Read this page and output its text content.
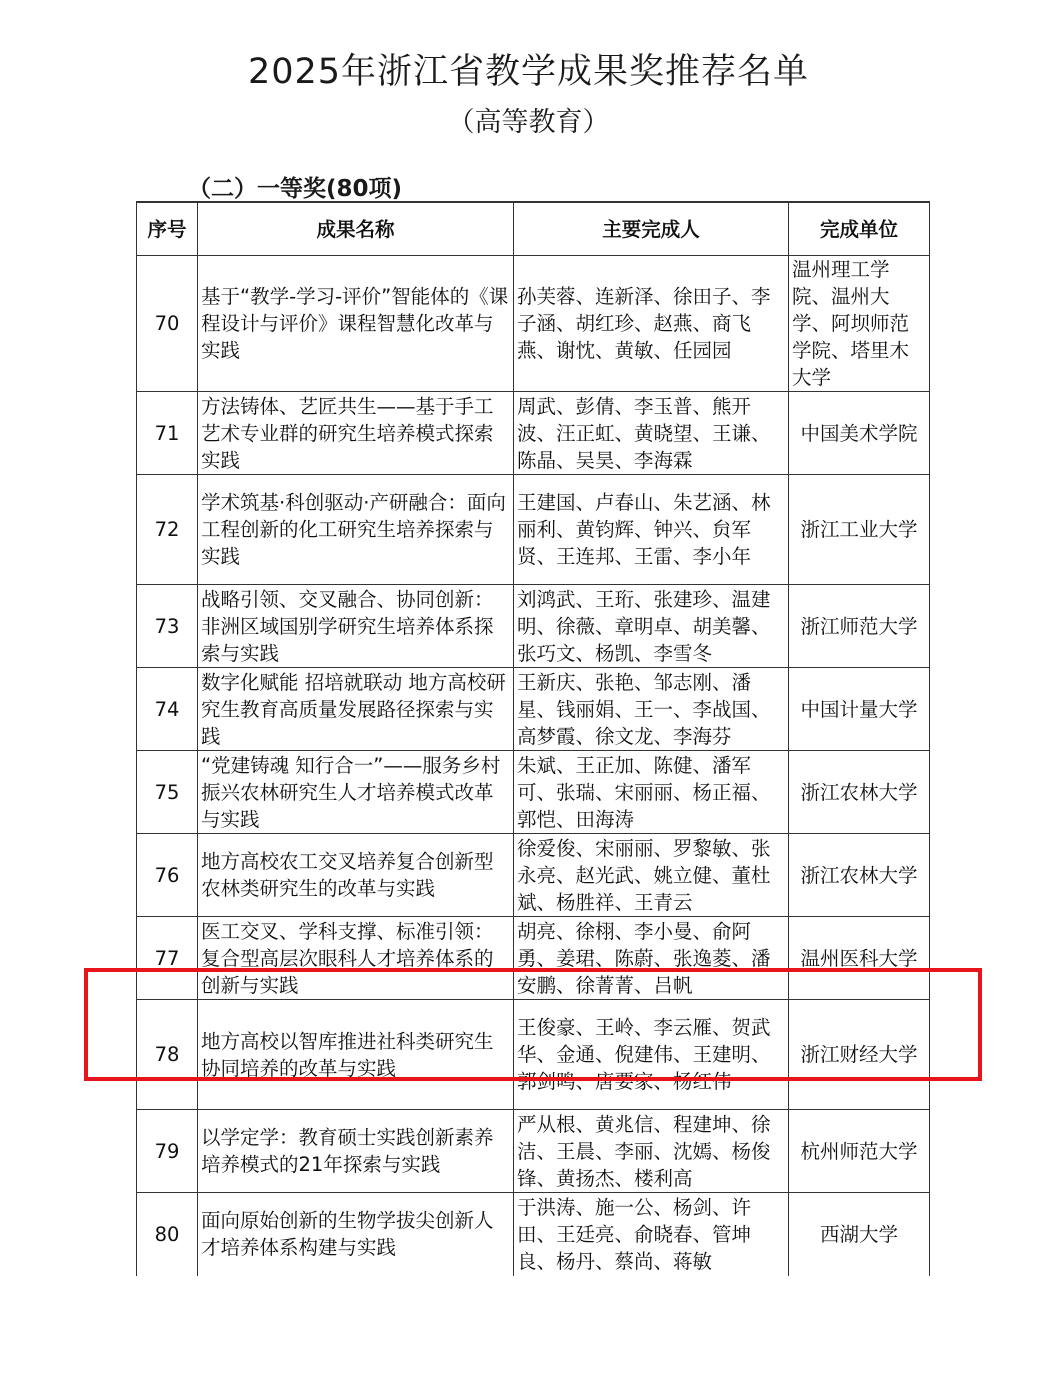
2025年浙江省教学成果奖推荐名单
（高等教育）
（二）一等奖(80项)
序号	成果名称	主要完成人	完成单位
70	基于“教学-学习-评价”智能体的《课程设计与评价》课程智慧化改革与实践	孙芙蓉、连新泽、徐田子、李子涵、胡红珍、赵燕、商飞燕、谢忱、黄敏、任园园	温州理工学院、温州大学、阿坝师范学院、塔里木大学
71	方法铸体、艺匠共生——基于手工艺术专业群的研究生培养模式探索实践	周武、彭倩、李玉普、熊开波、汪正虹、黄晓望、王谦、陈晶、吴昊、李海霖	中国美术学院
72	学术筑基·科创驱动·产研融合：面向工程创新的化工研究生培养探索与实践	王建国、卢春山、朱艺涵、林丽利、黄钧辉、钟兴、贠军贤、王连邦、王雷、李小年	浙江工业大学
73	战略引领、交叉融合、协同创新：非洲区域国别学研究生培养体系探索与实践	刘鸿武、王珩、张建珍、温建明、徐薇、章明卓、胡美馨、张巧文、杨凯、李雪冬	浙江师范大学
74	数字化赋能 招培就联动 地方高校研究生教育高质量发展路径探索与实践	王新庆、张艳、邹志刚、潘星、钱丽娟、王一、李战国、高梦霞、徐文龙、李海芬	中国计量大学
75	“党建铸魂 知行合一”——服务乡村振兴农林研究生人才培养模式改革与实践	朱斌、王正加、陈健、潘军可、张瑞、宋丽丽、杨正福、郭恺、田海涛	浙江农林大学
76	地方高校农工交叉培养复合创新型农林类研究生的改革与实践	徐爱俊、宋丽丽、罗黎敏、张永亮、赵光武、姚立健、董杜斌、杨胜祥、王青云	浙江农林大学
77	医工交叉、学科支撑、标准引领：复合型高层次眼科人才培养体系的创新与实践	胡亮、徐栩、李小曼、俞阿勇、姜珺、陈蔚、张逸菱、潘安鹏、徐菁菁、吕帆	温州医科大学
78	地方高校以智库推进社科类研究生协同培养的改革与实践	王俊豪、王岭、李云雁、贺武华、金通、倪建伟、王建明、郭剑鸣、唐要家、杨红伟	浙江财经大学
79	以学定学：教育硕士实践创新素养培养模式的21年探索与实践	严从根、黄兆信、程建坤、徐洁、王晨、李丽、沈嫣、杨俊锋、黄扬杰、楼利高	杭州师范大学
80	面向原始创新的生物学拔尖创新人才培养体系构建与实践	于洪涛、施一公、杨剑、许田、王廷亮、俞晓春、管坤良、杨丹、蔡尚、蒋敏	西湖大学
